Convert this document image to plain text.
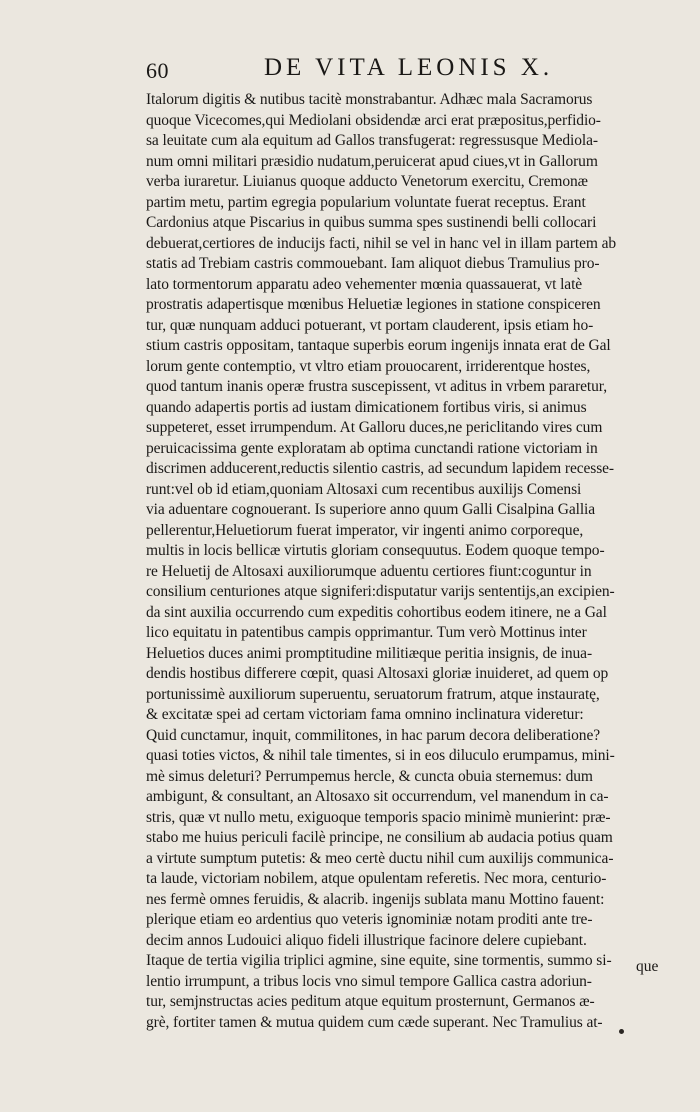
60	DE VITA LEONIS X.
Italorum digitis & nutibus tacitè monstrabantur. Adhæc mala Sacramorus
quoque Vicecomes,qui Mediolani obsidendæ arci erat præpositus,perfidio-
sa leuitate cum ala equitum ad Gallos transfugerat: regressusque Mediola-
num omni militari præsidio nudatum,peruicerat apud ciues,vt in Gallorum
verba iuraretur. Liuianus quoque adducto Venetorum exercitu, Cremonæ
partim metu, partim egregia popularium voluntate fuerat receptus. Erant
Cardonius atque Piscarius in quibus summa spes sustinendi belli collocari
debuerat,certiores de inducijs facti, nihil se vel in hanc vel in illam partem ab
statis ad Trebiam castris commouebant. Iam aliquot diebus Tramulius pro-
lato tormentorum apparatu adeo vehementer mœnia quassauerat, vt latè
prostratis adapertisque mœnibus Heluetiæ legiones in statione conspiceren
tur, quæ nunquam adduci potuerant, vt portam clauderent, ipsis etiam ho-
stium castris oppositam, tantaque superbis eorum ingenijs innata erat de Gal
lorum gente contemptio, vt vltro etiam prouocarent, irriderentque hostes,
quod tantum inanis operæ frustra suscepissent, vt aditus in vrbem pararetur,
quando adapertis portis ad iustam dimicationem fortibus viris, si animus
suppeteret, esset irrumpendum. At Galloru duces,ne periclitando vires cum
peruicacissima gente exploratam ab optima cunctandi ratione victoriam in
discrimen adducerent,reductis silentio castris, ad secundum lapidem recesse-
runt:vel ob id etiam,quoniam Altosaxi cum recentibus auxilijs Comensi
via aduentare cognouerant. Is superiore anno quum Galli Cisalpina Gallia
pellerentur,Heluetiorum fuerat imperator, vir ingenti animo corporeque,
multis in locis bellicæ virtutis gloriam consequutus. Eodem quoque tempo-
re Heluetij de Altosaxi auxiliorumque aduentu certiores fiunt:coguntur in
consilium centuriones atque signiferi:disputatur varijs sententijs,an excipien-
da sint auxilia occurrendo cum expeditis cohortibus eodem itinere, ne a Gal
lico equitatu in patentibus campis opprimantur. Tum verò Mottinus inter
Heluetios duces animi promptitudine militiæque peritia insignis, de inua-
dendis hostibus differere cœpit, quasi Altosaxi gloriæ inuideret, ad quem op
portunissimè auxiliorum superuentu, seruatorum fratrum, atque instauratę,
& excitatæ spei ad certam victoriam fama omnino inclinatura videretur:
Quid cunctamur, inquit, commilitones, in hac parum decora deliberatione?
quasi toties victos, & nihil tale timentes, si in eos diluculo erumpamus, mini-
mè simus deleturi? Perrumpemus hercle, & cuncta obuia sternemus: dum
ambigunt, & consultant, an Altosaxo sit occurrendum, vel manendum in ca-
stris, quæ vt nullo metu, exiguoque temporis spacio minimè munierint: præ-
stabo me huius periculi facilè principe, ne consilium ab audacia potius quam
a virtute sumptum putetis: & meo certè ductu nihil cum auxilijs communica-
ta laude, victoriam nobilem, atque opulentam referetis. Nec mora, centurio-
nes fermè omnes feruidis, & alacrib. ingenijs sublata manu Mottino fauent:
plerique etiam eo ardentius quo veteris ignominiæ notam proditi ante tre-
decim annos Ludouici aliquo fideli illustrique facinore delere cupiebant.
Itaque de tertia vigilia triplici agmine, sine equite, sine tormentis, summo si-
lentio irrumpunt, a tribus locis vno simul tempore Gallica castra adoriun-
tur, semjnstructas acies peditum atque equitum prosternunt, Germanos æ-
grè, fortiter tamen & mutua quidem cum cæde superant. Nec Tramulius at-
que
